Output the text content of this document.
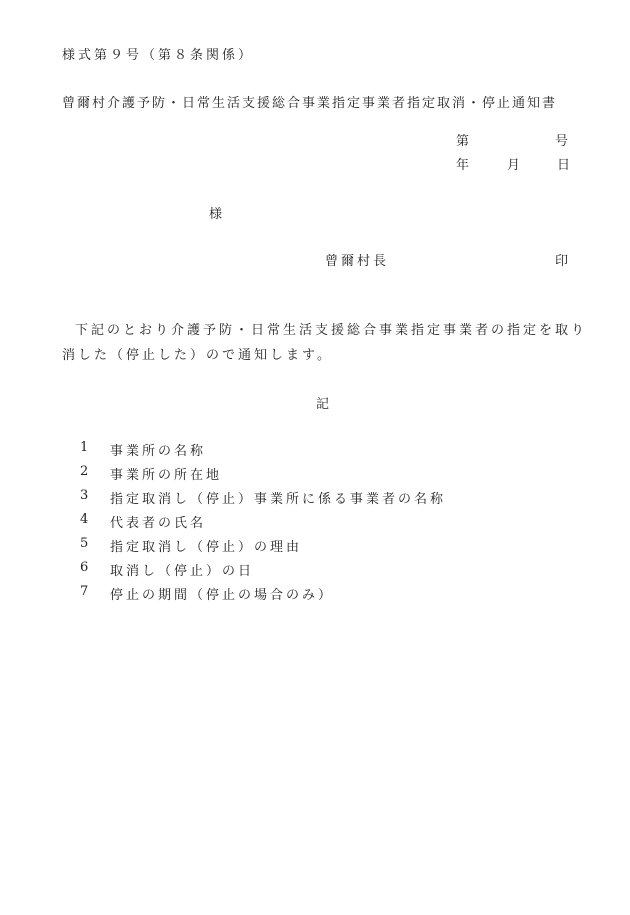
様式第９号（第８条関係）
曾爾村介護予防・日常生活支援総合事業指定事業者指定取消・停止通知書
第	号
年	月	日
様
曾爾村長	印
下記のとおり介護予防・日常生活支援総合事業指定事業者の指定を取り消した（停止した）ので通知します。
記
1	事業所の名称
2	事業所の所在地
3	指定取消し（停止）事業所に係る事業者の名称
4	代表者の氏名
5	指定取消し（停止）の理由
6	取消し（停止）の日
7	停止の期間（停止の場合のみ）
